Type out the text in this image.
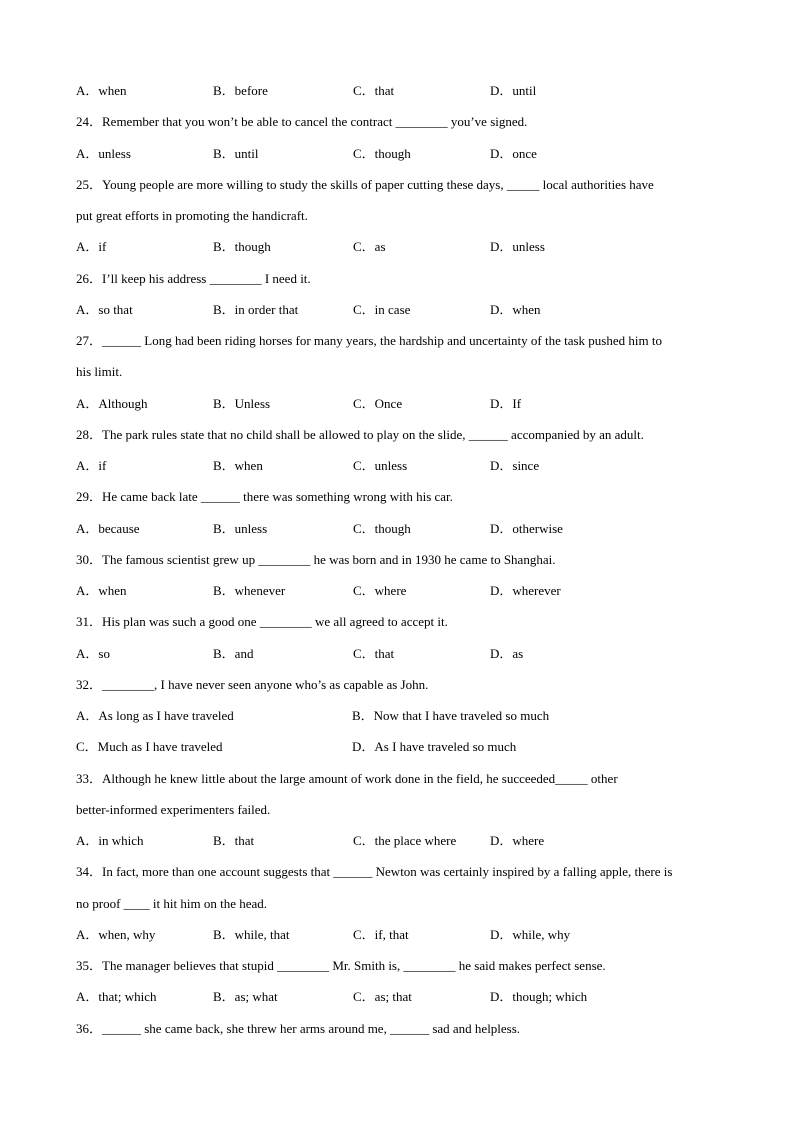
A．when	B．before	C．that	D．until
24．Remember that you won’t be able to cancel the contract ________ you’ve signed.
A．unless	B．until	C．though	D．once
25．Young people are more willing to study the skills of paper cutting these days, _____ local authorities have
put great efforts in promoting the handicraft.
A．if	B．though	C．as	D．unless
26．I’ll keep his address ________ I need it.
A．so that	B．in order that	C．in case	D．when
27．______ Long had been riding horses for many years, the hardship and uncertainty of the task pushed him to
his limit.
A．Although	B．Unless	C．Once	D．If
28．The park rules state that no child shall be allowed to play on the slide, ______ accompanied by an adult.
A．if	B．when	C．unless	D．since
29．He came back late ______ there was something wrong with his car.
A．because	B．unless	C．though	D．otherwise
30．The famous scientist grew up ________ he was born and in 1930 he came to Shanghai.
A．when	B．whenever	C．where	D．wherever
31．His plan was such a good one ________ we all agreed to accept it.
A．so	B．and	C．that	D．as
32．________, I have never seen anyone who’s as capable as John.
A．As long as I have traveled	B．Now that I have traveled so much
C．Much as I have traveled	D．As I have traveled so much
33．Although he knew little about the large amount of work done in the field, he succeeded_____ other
better-informed experimenters failed.
A．in which	B．that	C．the place where	D．where
34．In fact, more than one account suggests that ______ Newton was certainly inspired by a falling apple, there is
no proof ____ it hit him on the head.
A．when, why	B．while, that	C．if, that	D．while, why
35．The manager believes that stupid ________ Mr. Smith is, ________ he said makes perfect sense.
A．that; which	B．as; what	C．as; that	D．though; which
36．______ she came back, she threw her arms around me, ______ sad and helpless.
